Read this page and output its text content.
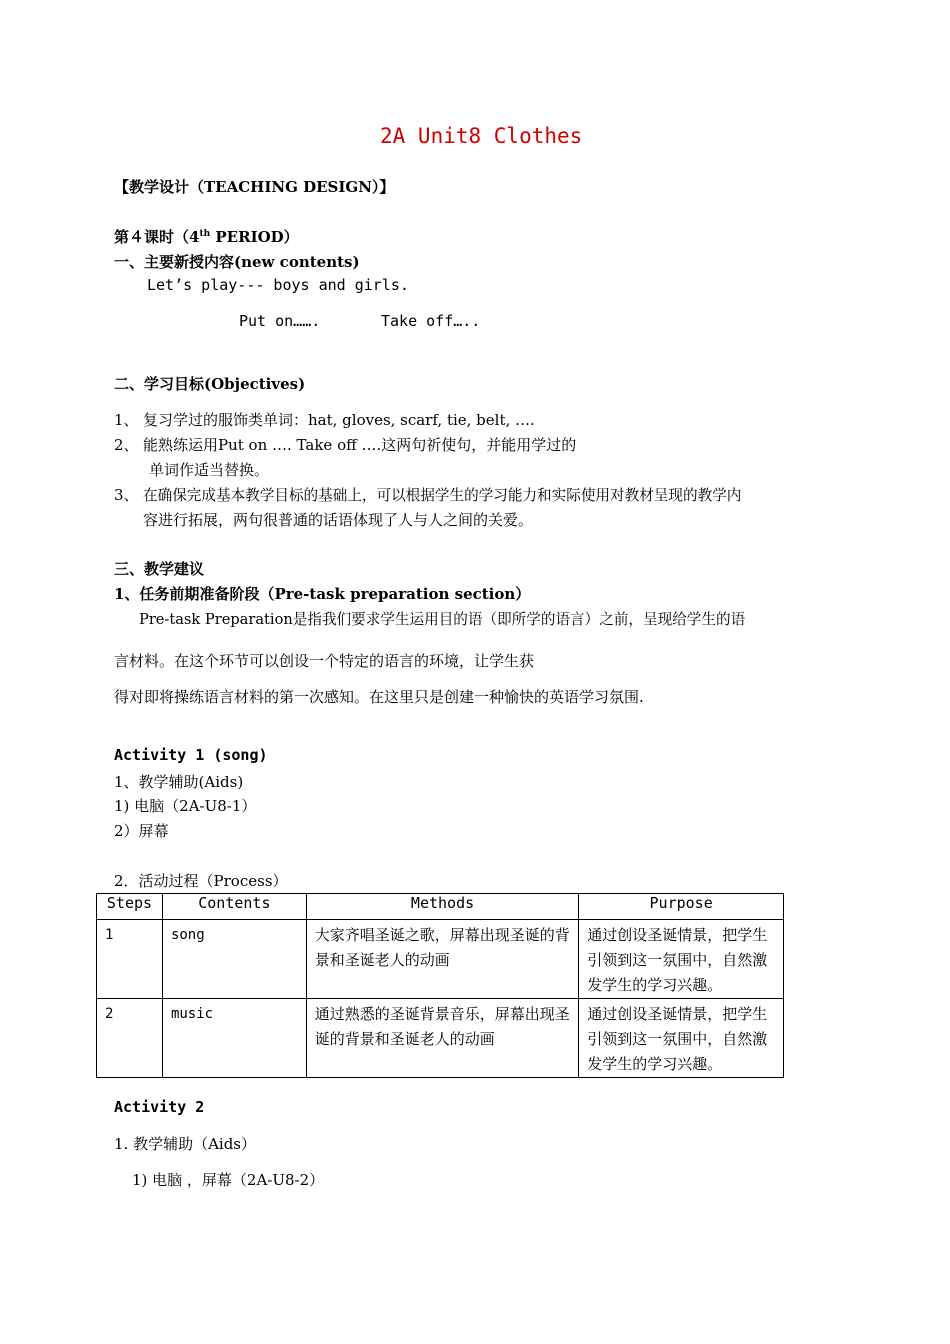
2A Unit8 Clothes
【教学设计（TEACHING DESIGN）】
第４课时（4th PERIOD）
一、主要新授内容(new contents)
Let’s play--- boys and girls.
Put on…….	Take off…..
二、学习目标(Objectives)
1、 复习学过的服饰类单词：hat, gloves, scarf, tie, belt, ….
2、 能熟练运用Put on …. Take off ….这两句祈使句，并能用学过的
单词作适当替换。
3、 在确保完成基本教学目标的基础上，可以根据学生的学习能力和实际使用对教材呈现的教学内
容进行拓展，两句很普通的话语体现了人与人之间的关爱。
三、教学建议
1、任务前期准备阶段（Pre-task preparation section）
Pre-task Preparation是指我们要求学生运用目的语（即所学的语言）之前，呈现给学生的语
言材料。在这个环节可以创设一个特定的语言的环境，让学生获
得对即将操练语言材料的第一次感知。在这里只是创建一种愉快的英语学习氛围.
Activity 1 (song)
1、教学辅助(Aids)
1) 电脑（2A-U8-1）
2）屏幕
2．活动过程（Process）
Steps	Contents	Methods	Purpose
1	song	大家齐唱圣诞之歌，屏幕出现圣诞的背景和圣诞老人的动画	通过创设圣诞情景，把学生引领到这一氛围中，自然激发学生的学习兴趣。
2	music	通过熟悉的圣诞背景音乐，屏幕出现圣诞的背景和圣诞老人的动画	通过创设圣诞情景，把学生引领到这一氛围中，自然激发学生的学习兴趣。
Activity 2
1. 教学辅助（Aids）
1) 电脑 ，屏幕（2A-U8-2）
